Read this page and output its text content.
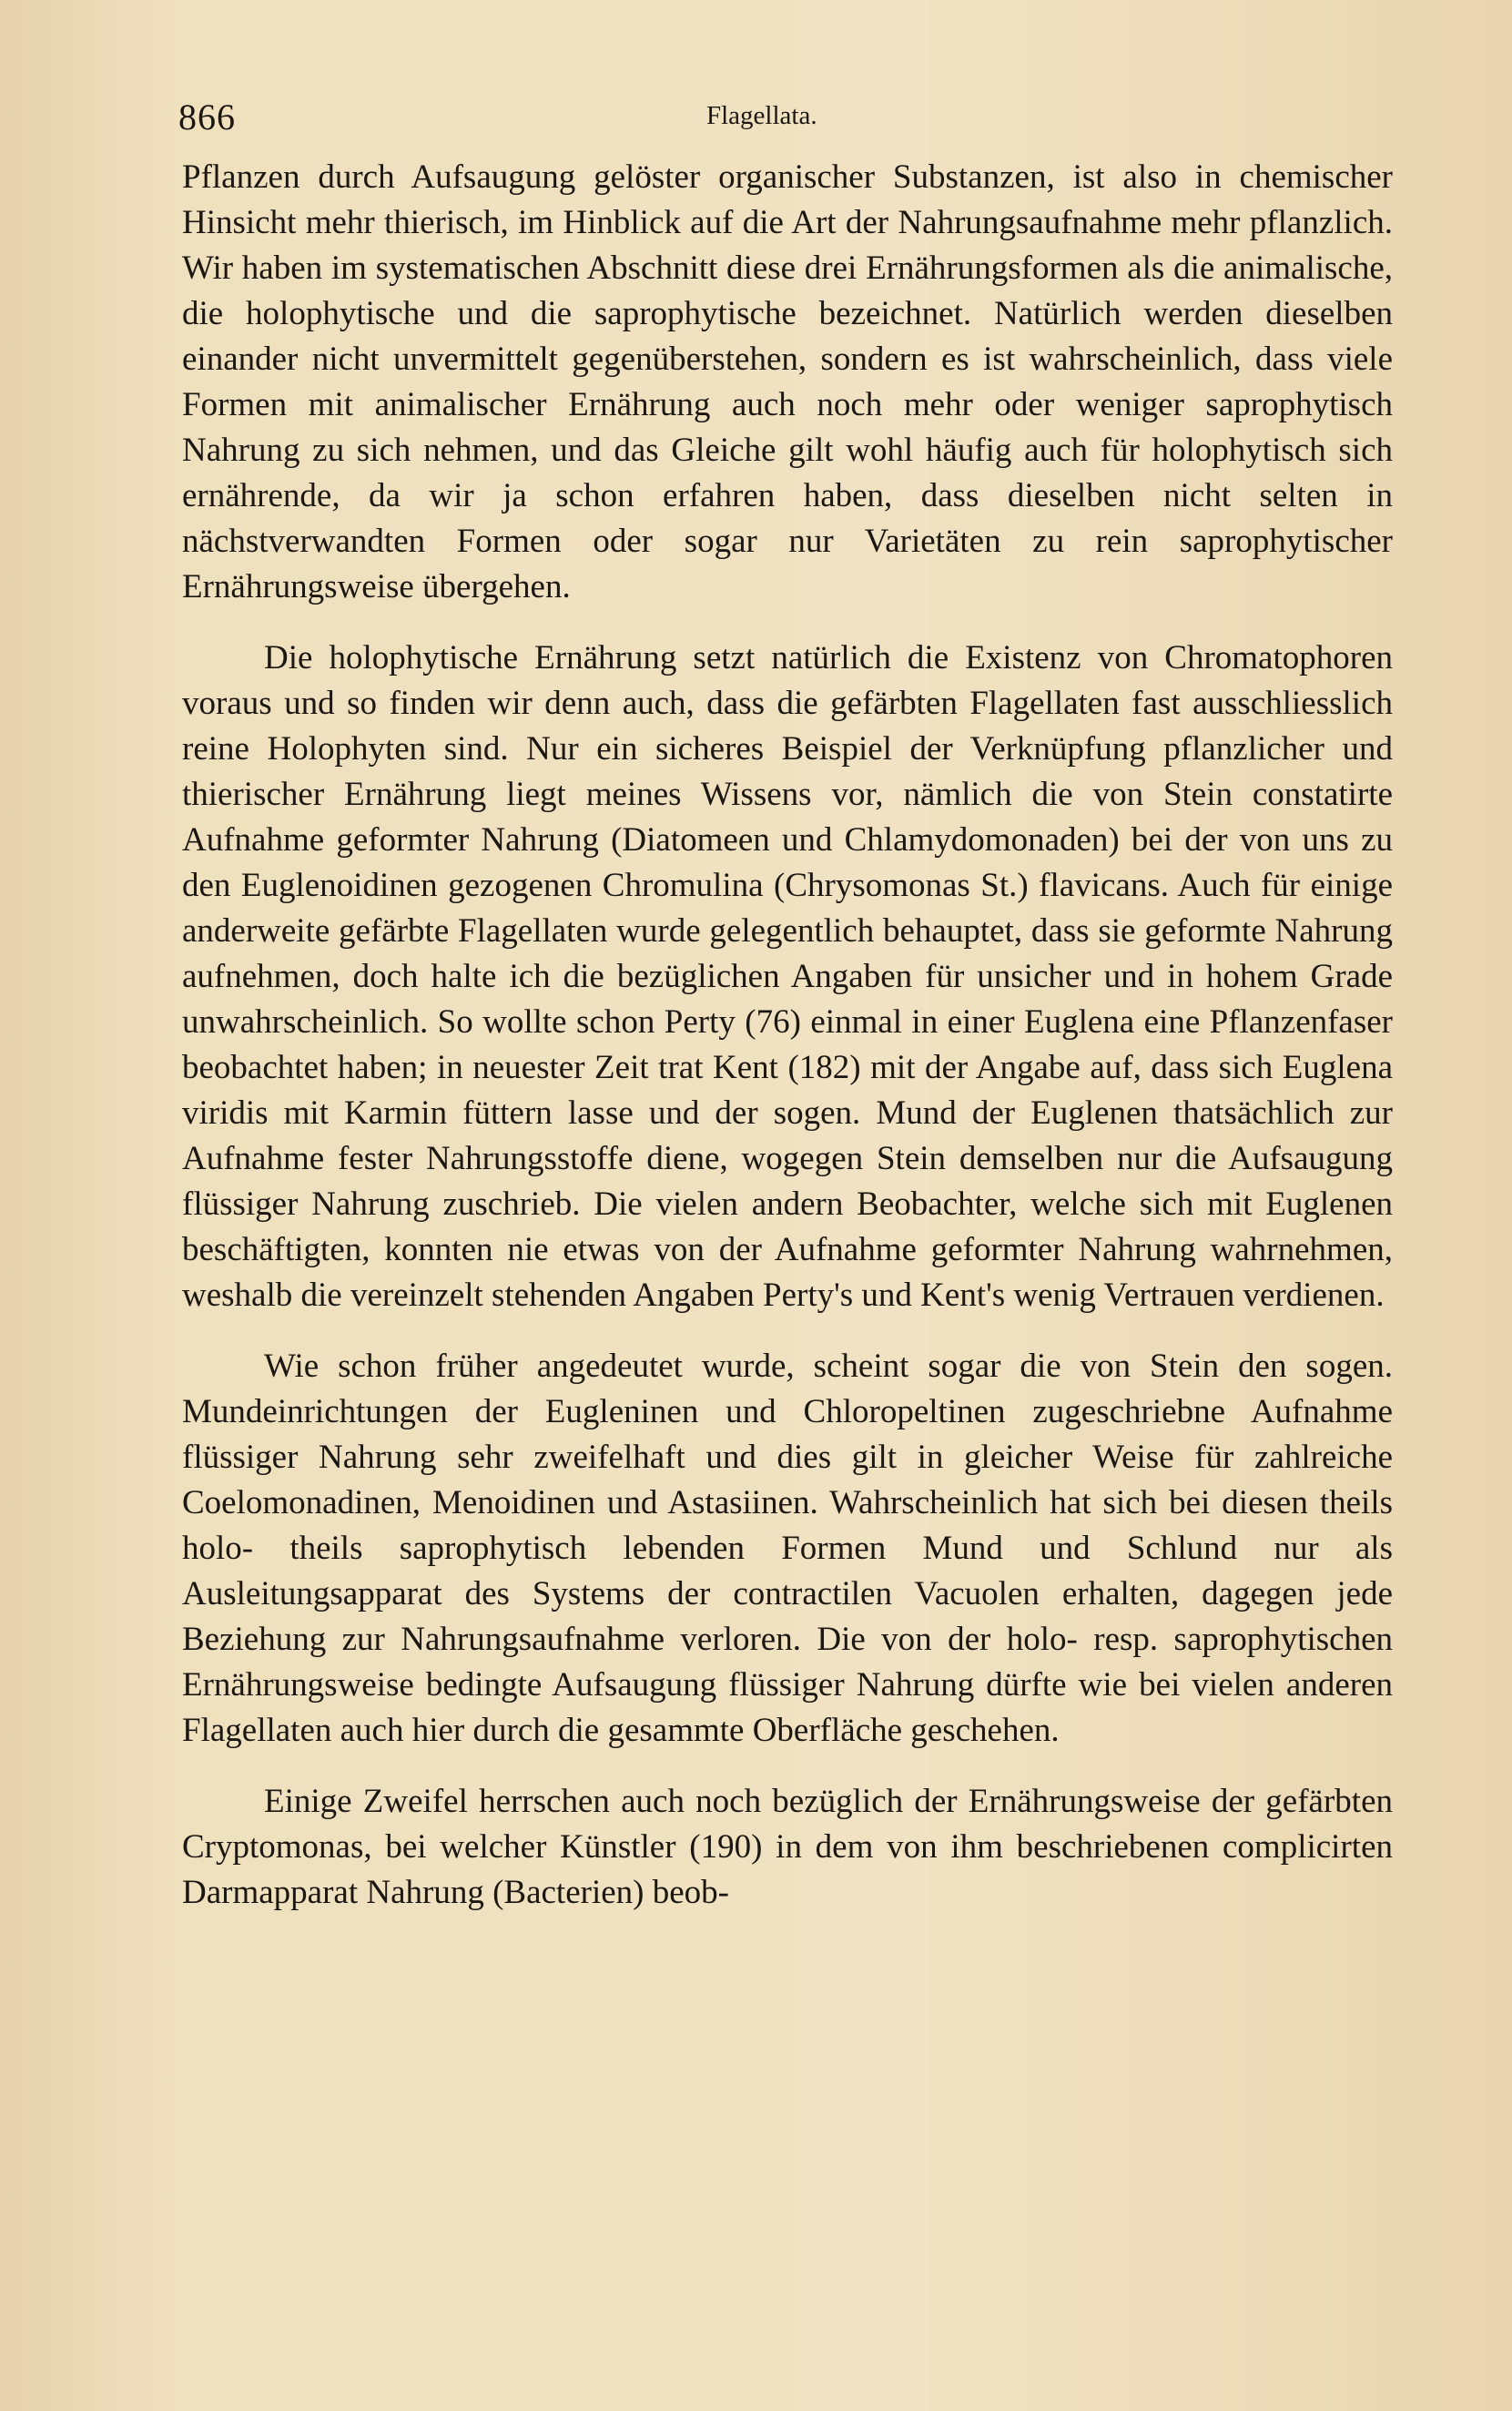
866	Flagellata.

Pflanzen durch Aufsaugung gelöster organischer Substanzen, ist also in chemischer Hinsicht mehr thierisch, im Hinblick auf die Art der Nahrungsaufnahme mehr pflanzlich. Wir haben im systematischen Abschnitt diese drei Ernährungsformen als die animalische, die holophytische und die saprophytische bezeichnet. Natürlich werden dieselben einander nicht unvermittelt gegenüberstehen, sondern es ist wahrscheinlich, dass viele Formen mit animalischer Ernährung auch noch mehr oder weniger saprophytisch Nahrung zu sich nehmen, und das Gleiche gilt wohl häufig auch für holophytisch sich ernährende, da wir ja schon erfahren haben, dass dieselben nicht selten in nächstverwandten Formen oder sogar nur Varietäten zu rein saprophytischer Ernährungsweise übergehen.

Die holophytische Ernährung setzt natürlich die Existenz von Chromatophoren voraus und so finden wir denn auch, dass die gefärbten Flagellaten fast ausschliesslich reine Holophyten sind. Nur ein sicheres Beispiel der Verknüpfung pflanzlicher und thierischer Ernährung liegt meines Wissens vor, nämlich die von Stein constatirte Aufnahme geformter Nahrung (Diatomeen und Chlamydomonaden) bei der von uns zu den Euglenoidinen gezogenen Chromulina (Chrysomonas St.) flavicans. Auch für einige anderweite gefärbte Flagellaten wurde gelegentlich behauptet, dass sie geformte Nahrung aufnehmen, doch halte ich die bezüglichen Angaben für unsicher und in hohem Grade unwahrscheinlich. So wollte schon Perty (76) einmal in einer Euglena eine Pflanzenfaser beobachtet haben; in neuester Zeit trat Kent (182) mit der Angabe auf, dass sich Euglena viridis mit Karmin füttern lasse und der sogen. Mund der Euglenen thatsächlich zur Aufnahme fester Nahrungsstoffe diene, wogegen Stein demselben nur die Aufsaugung flüssiger Nahrung zuschrieb. Die vielen andern Beobachter, welche sich mit Euglenen beschäftigten, konnten nie etwas von der Aufnahme geformter Nahrung wahrnehmen, weshalb die vereinzelt stehenden Angaben Perty's und Kent's wenig Vertrauen verdienen.

Wie schon früher angedeutet wurde, scheint sogar die von Stein den sogen. Mundeinrichtungen der Eugleninen und Chloropeltinen zugeschriebne Aufnahme flüssiger Nahrung sehr zweifelhaft und dies gilt in gleicher Weise für zahlreiche Coelomonadinen, Menoidinen und Astasiinen. Wahrscheinlich hat sich bei diesen theils holo- theils saprophytisch lebenden Formen Mund und Schlund nur als Ausleitungsapparat des Systems der contractilen Vacuolen erhalten, dagegen jede Beziehung zur Nahrungsaufnahme verloren. Die von der holo- resp. saprophytischen Ernährungsweise bedingte Aufsaugung flüssiger Nahrung dürfte wie bei vielen anderen Flagellaten auch hier durch die gesammte Oberfläche geschehen.

Einige Zweifel herrschen auch noch bezüglich der Ernährungsweise der gefärbten Cryptomonas, bei welcher Künstler (190) in dem von ihm beschriebenen complicirten Darmapparat Nahrung (Bacterien) beob-
